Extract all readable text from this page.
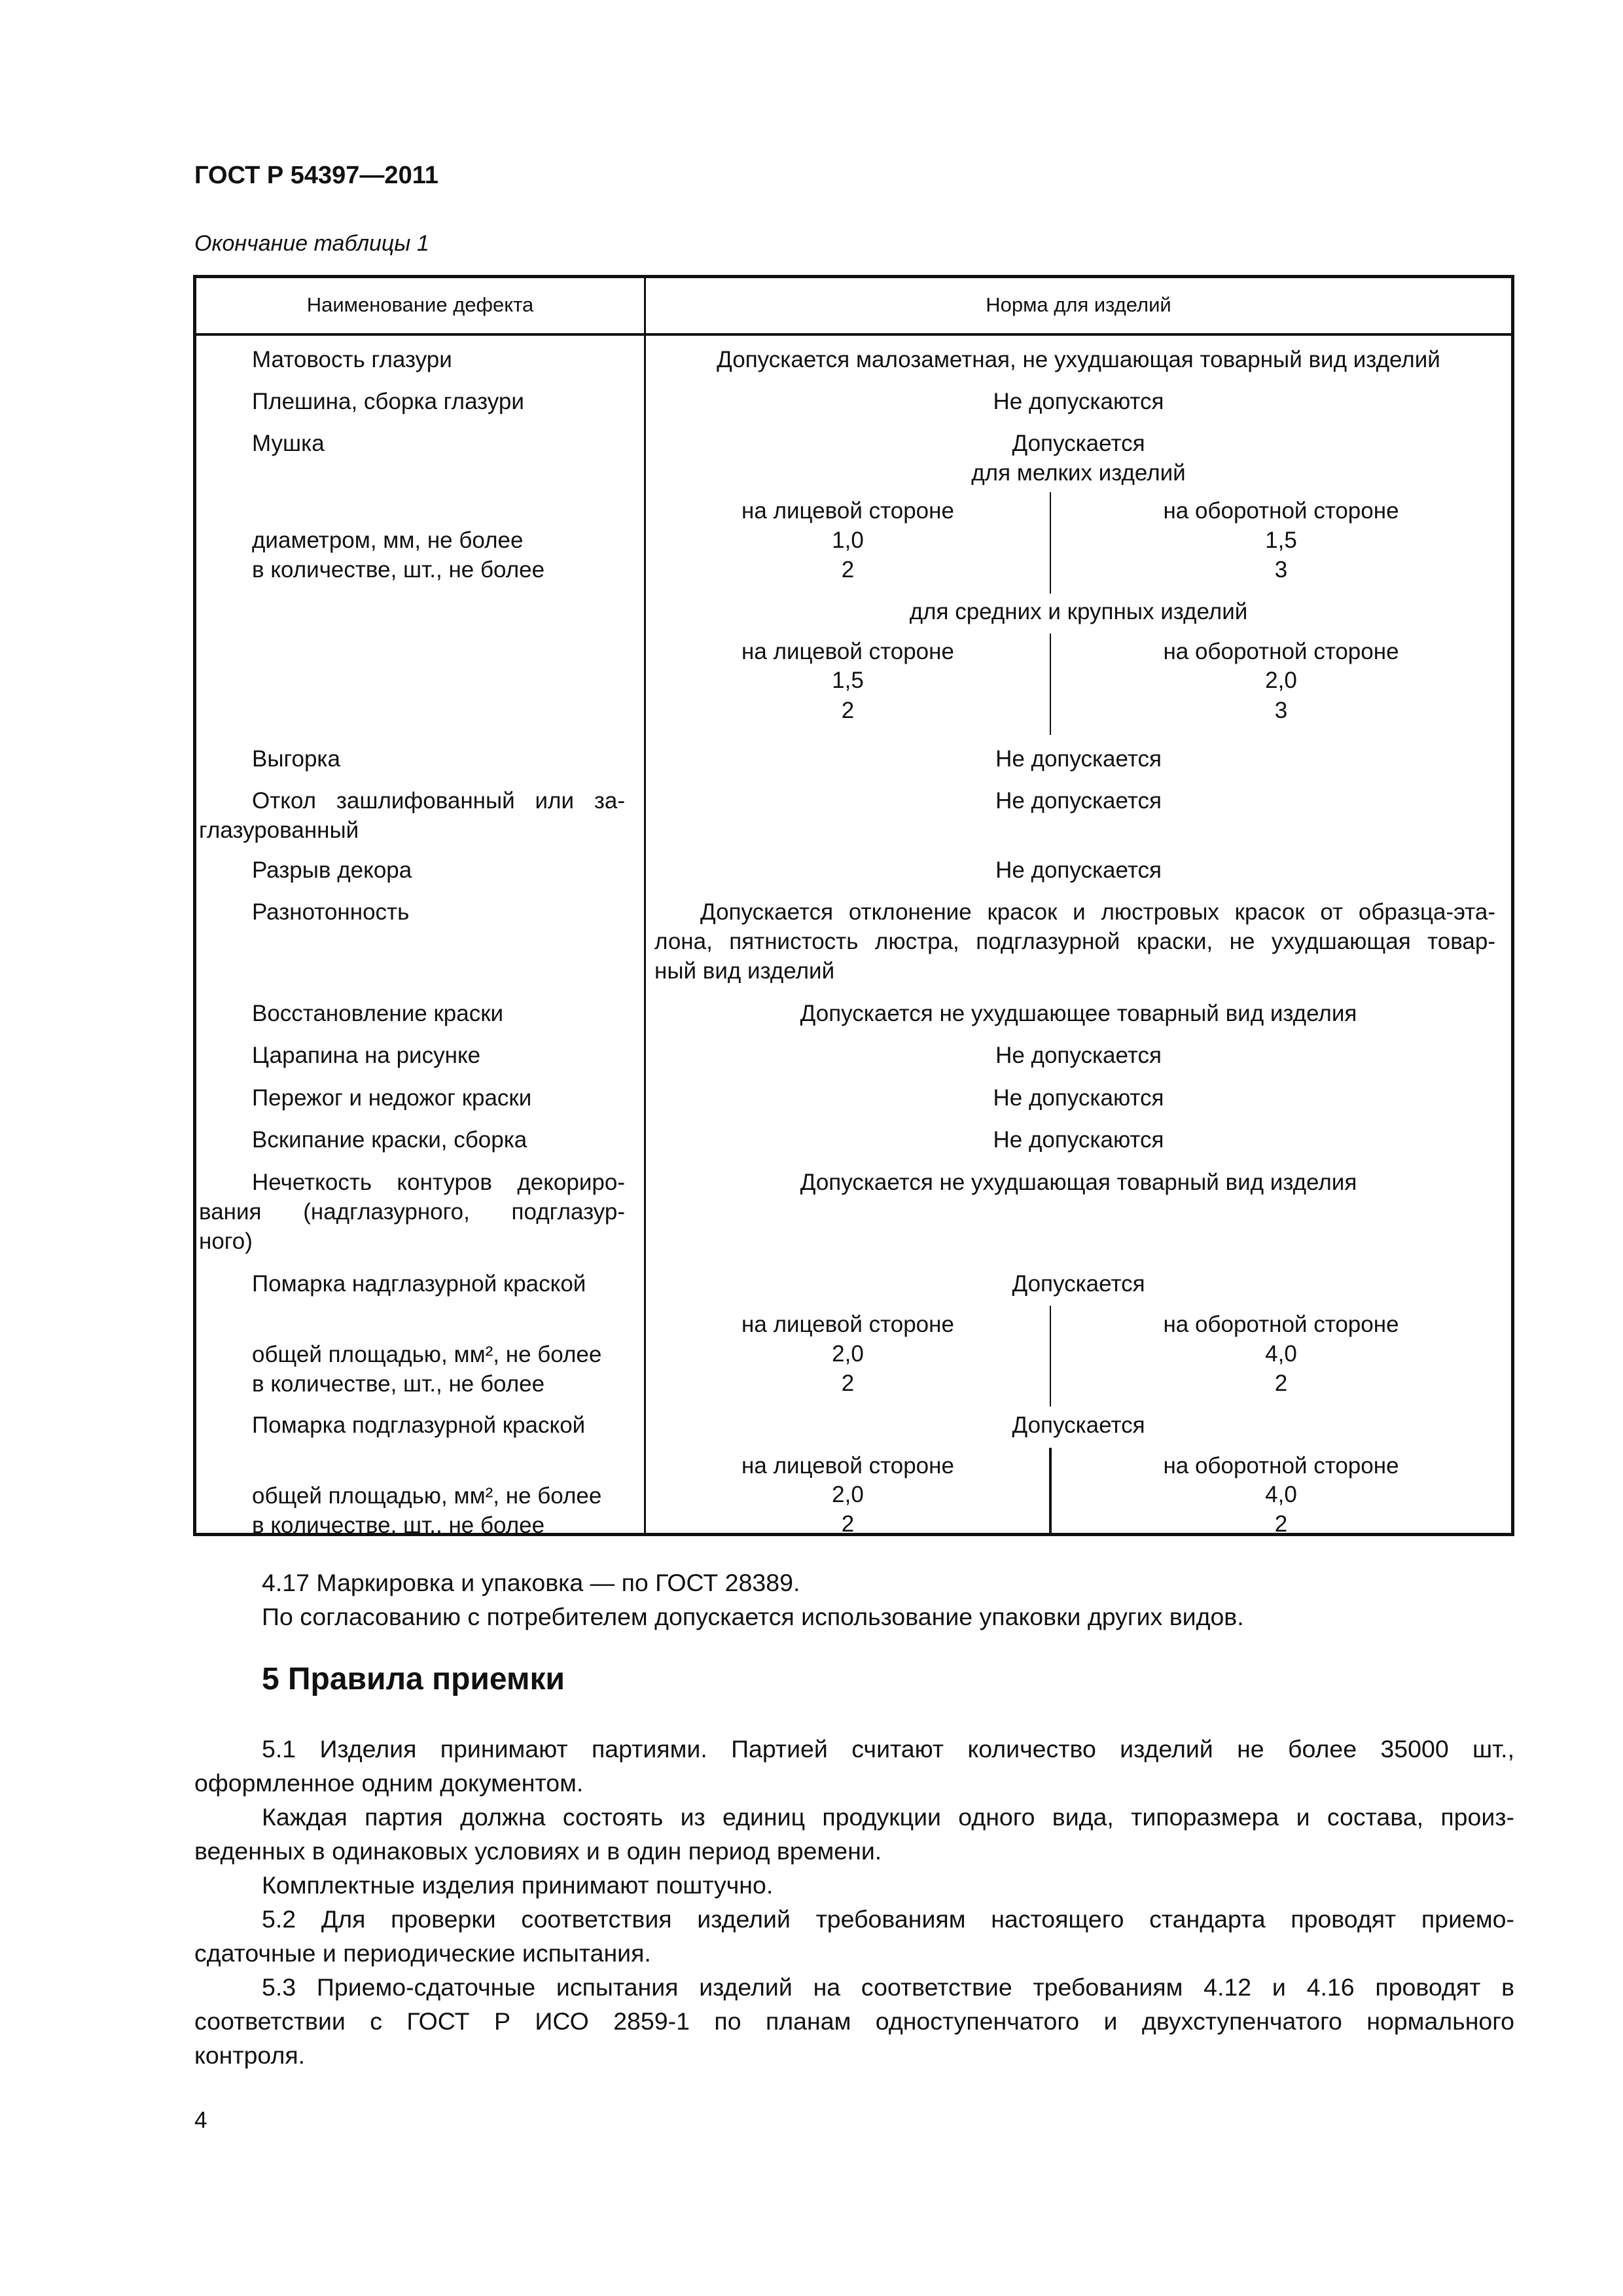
ГОСТ Р 54397—2011
Окончание таблицы 1
Наименование дефекта	Норма для изделий
Матовость глазури
Плешина, сборка глазури
Мушка
диаметром, мм, не более
в количестве, шт., не более
Выгорка
Откол зашлифованный или за-
глазурованный
Разрыв декора
Разнотонность
Восстановление краски
Царапина на рисунке
Пережог и недожог краски
Вскипание краски, сборка
Нечеткость контуров декориро-
вания (надглазурного, подглазур-
ного)
Помарка надглазурной краской
общей площадью, мм², не более
в количестве, шт., не более
Помарка подглазурной краской
общей площадью, мм², не более
в количестве, шт., не более
Допускается малозаметная, не ухудшающая товарный вид изделий
Не допускаются
Допускается
для мелких изделий
на лицевой стороне
1,0
2
на оборотной стороне
1,5
3
для средних и крупных изделий
на лицевой стороне
1,5
2
на оборотной стороне
2,0
3
Не допускается
Не допускается
Не допускается
Допускается отклонение красок и люстровых красок от образца-эта-
лона, пятнистость люстра, подглазурной краски, не ухудшающая товар-
ный вид изделий
Допускается не ухудшающее товарный вид изделия
Не допускается
Не допускаются
Не допускаются
Допускается не ухудшающая товарный вид изделия
Допускается
на лицевой стороне
2,0
2
на оборотной стороне
4,0
2
Допускается
на лицевой стороне
2,0
2
на оборотной стороне
4,0
2
4.17 Маркировка и упаковка — по ГОСТ 28389.
По согласованию с потребителем допускается использование упаковки других видов.
5 Правила приемки
5.1 Изделия принимают партиями. Партией считают количество изделий не более 35000 шт.,
оформленное одним документом.
Каждая партия должна состоять из единиц продукции одного вида, типоразмера и состава, произ-
веденных в одинаковых условиях и в один период времени.
Комплектные изделия принимают поштучно.
5.2 Для проверки соответствия изделий требованиям настоящего стандарта проводят приемо-
сдаточные и периодические испытания.
5.3 Приемо-сдаточные испытания изделий на соответствие требованиям 4.12 и 4.16 проводят в
соответствии с ГОСТ Р ИСО 2859-1 по планам одноступенчатого и двухступенчатого нормального
контроля.
4
